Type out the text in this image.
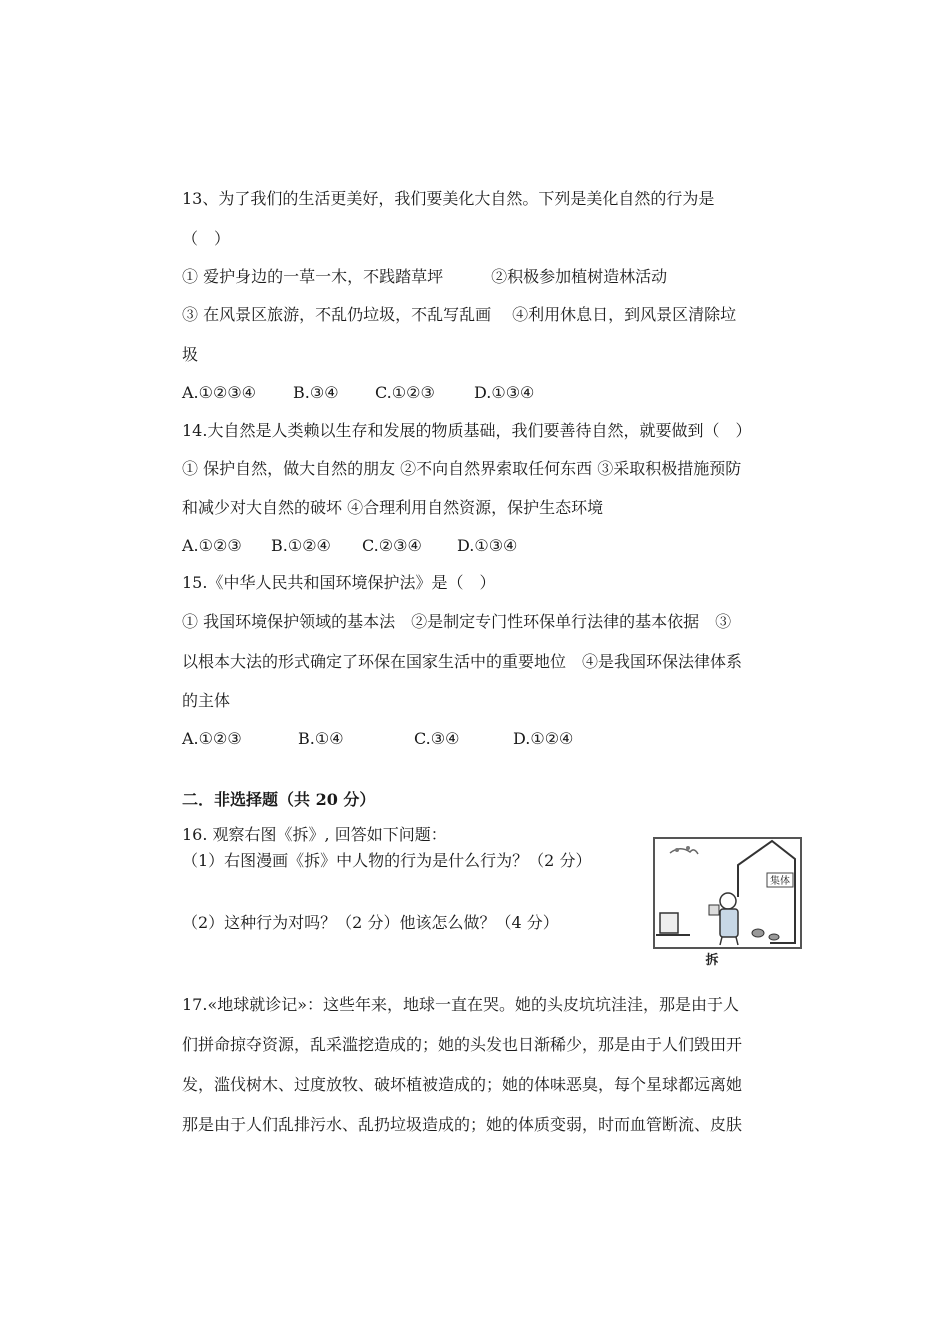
13、为了我们的生活更美好，我们要美化大自然。下列是美化自然的行为是
（　）
① 爱护身边的一草一木，不践踏草坪　　　②积极参加植树造林活动
③ 在风景区旅游，不乱仍垃圾，不乱写乱画　 ④利用休息日，到风景区清除垃
圾
A.①②③④ B.③④ C.①②③ D.①③④
14.大自然是人类赖以生存和发展的物质基础，我们要善待自然，就要做到（　）
① 保护自然，做大自然的朋友 ②不向自然界索取任何东西 ③采取积极措施预防
和减少对大自然的破坏 ④合理利用自然资源，保护生态环境
A.①②③ B.①②④ C.②③④ D.①③④
15.《中华人民共和国环境保护法》是（　）
① 我国环境保护领域的基本法　②是制定专门性环保单行法律的基本依据　③
以根本大法的形式确定了环保在国家生活中的重要地位　④是我国环保法律体系
的主体
A.①②③	B.①④	C.③④	D.①②④
二．非选择题（共 20 分）
16. 观察右图《拆》, 回答如下问题：
（1）右图漫画《拆》中人物的行为是什么行为？（2 分）
（2）这种行为对吗？（2 分）他该怎么做？（4 分）
集体
拆
17.«地球就诊记»：这些年来，地球一直在哭。她的头皮坑坑洼洼，那是由于人
们拼命掠夺资源，乱采滥挖造成的；她的头发也日渐稀少，那是由于人们毁田开
发，滥伐树木、过度放牧、破坏植被造成的；她的体味恶臭，每个星球都远离她
那是由于人们乱排污水、乱扔垃圾造成的；她的体质变弱，时而血管断流、皮肤
